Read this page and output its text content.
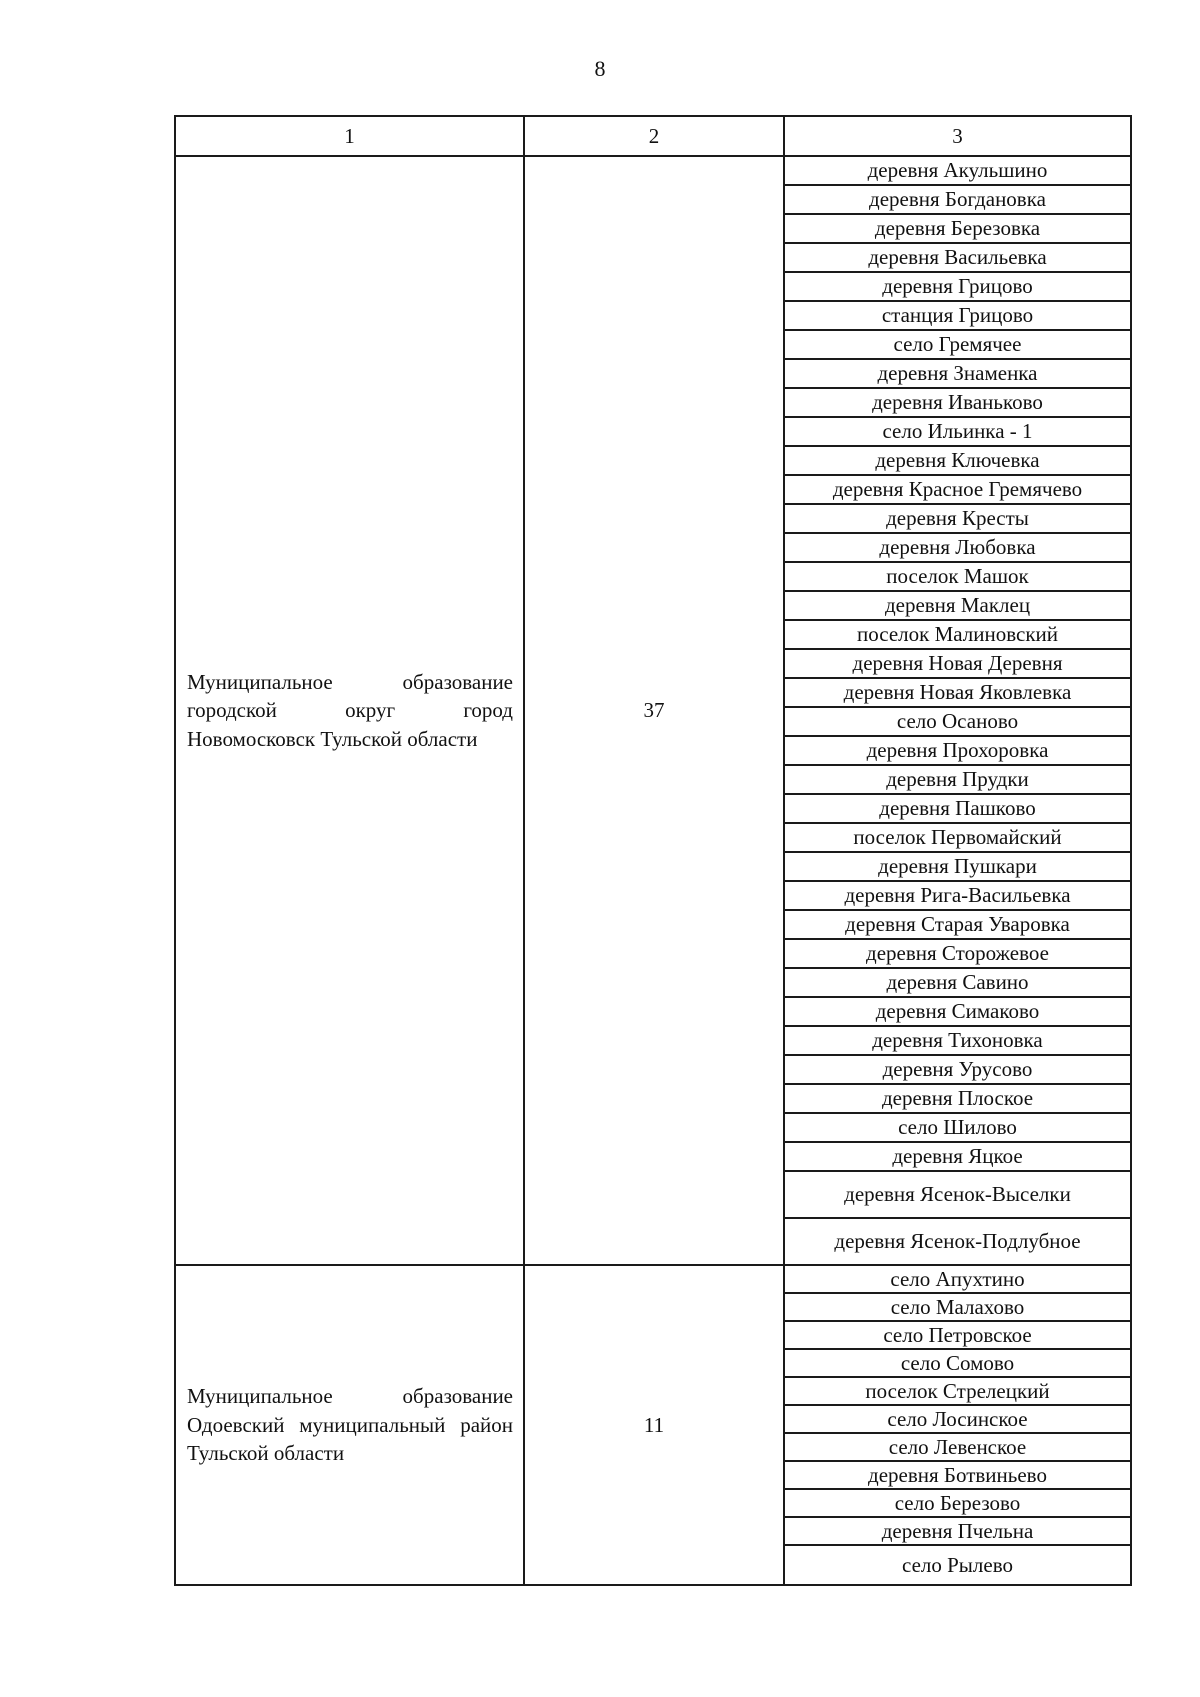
8
1	2	3
Муниципальное образование городской округ город Новомосковск Тульской области	37	деревня Акульшино
		деревня Богдановка
		деревня Березовка
		деревня Васильевка
		деревня Грицово
		станция Грицово
		село Гремячее
		деревня Знаменка
		деревня Иваньково
		село Ильинка - 1
		деревня Ключевка
		деревня Красное Гремячево
		деревня Кресты
		деревня Любовка
		поселок Машок
		деревня Маклец
		поселок Малиновский
		деревня Новая Деревня
		деревня Новая Яковлевка
		село Осаново
		деревня Прохоровка
		деревня Прудки
		деревня Пашково
		поселок Первомайский
		деревня Пушкари
		деревня Рига-Васильевка
		деревня Старая Уваровка
		деревня Сторожевое
		деревня Савино
		деревня Симаково
		деревня Тихоновка
		деревня Урусово
		деревня Плоское
		село Шилово
		деревня Яцкое
		деревня Ясенок-Выселки
		деревня Ясенок-Подлубное
Муниципальное образование Одоевский муниципальный район Тульской области	11	село Апухтино
		село Малахово
		село Петровское
		село Сомово
		поселок Стрелецкий
		село Лосинское
		село Левенское
		деревня Ботвиньево
		село Березово
		деревня Пчельна
		село Рылево
